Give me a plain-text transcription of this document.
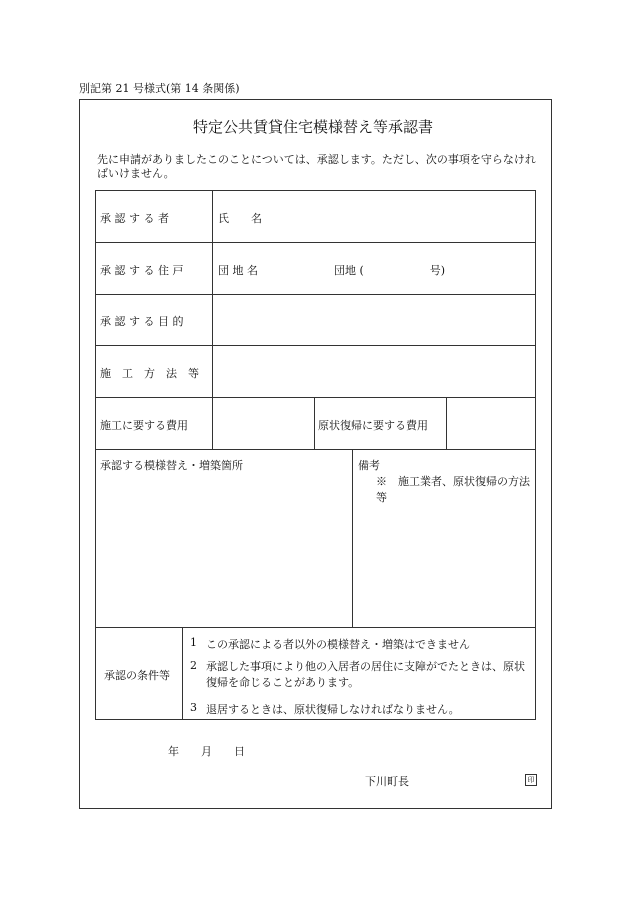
別記第 21 号様式(第 14 条関係)
特定公共賃貸住宅模様替え等承認書
先に申請がありましたこのことについては、承認します。ただし、次の事項を守らなければいけません。
承 認 す る 者	氏　　名
承 認 す る 住 戸	団 地 名	団地 (　　　　　　号)
承 認 す る 目 的
施　工　方　法　等
施工に要する費用	原状復帰に要する費用
承認する模様替え・増築箇所	備考
※　施工業者、原状復帰の方法等
承認の条件等
1 この承認による者以外の模様替え・増築はできません
2 承認した事項により他の入居者の居住に支障がでたときは、原状復帰を命じることがあります。
3 退居するときは、原状復帰しなければなりません。
年　　月　　日
下川町長	印
